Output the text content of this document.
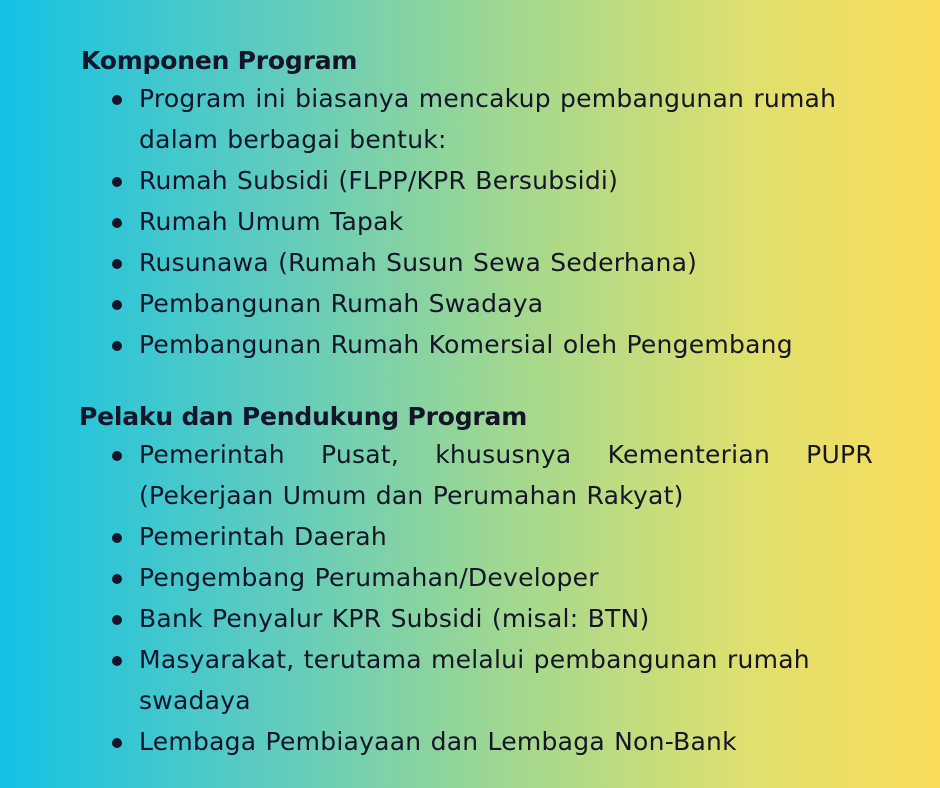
Komponen Program
Program ini biasanya mencakup pembangunan rumah dalam berbagai bentuk:
Rumah Subsidi (FLPP/KPR Bersubsidi)
Rumah Umum Tapak
Rusunawa (Rumah Susun Sewa Sederhana)
Pembangunan Rumah Swadaya
Pembangunan Rumah Komersial oleh Pengembang
Pelaku dan Pendukung Program
Pemerintah Pusat, khususnya Kementerian PUPR (Pekerjaan Umum dan Perumahan Rakyat)
Pemerintah Daerah
Pengembang Perumahan/Developer
Bank Penyalur KPR Subsidi (misal: BTN)
Masyarakat, terutama melalui pembangunan rumah swadaya
Lembaga Pembiayaan dan Lembaga Non-Bank
